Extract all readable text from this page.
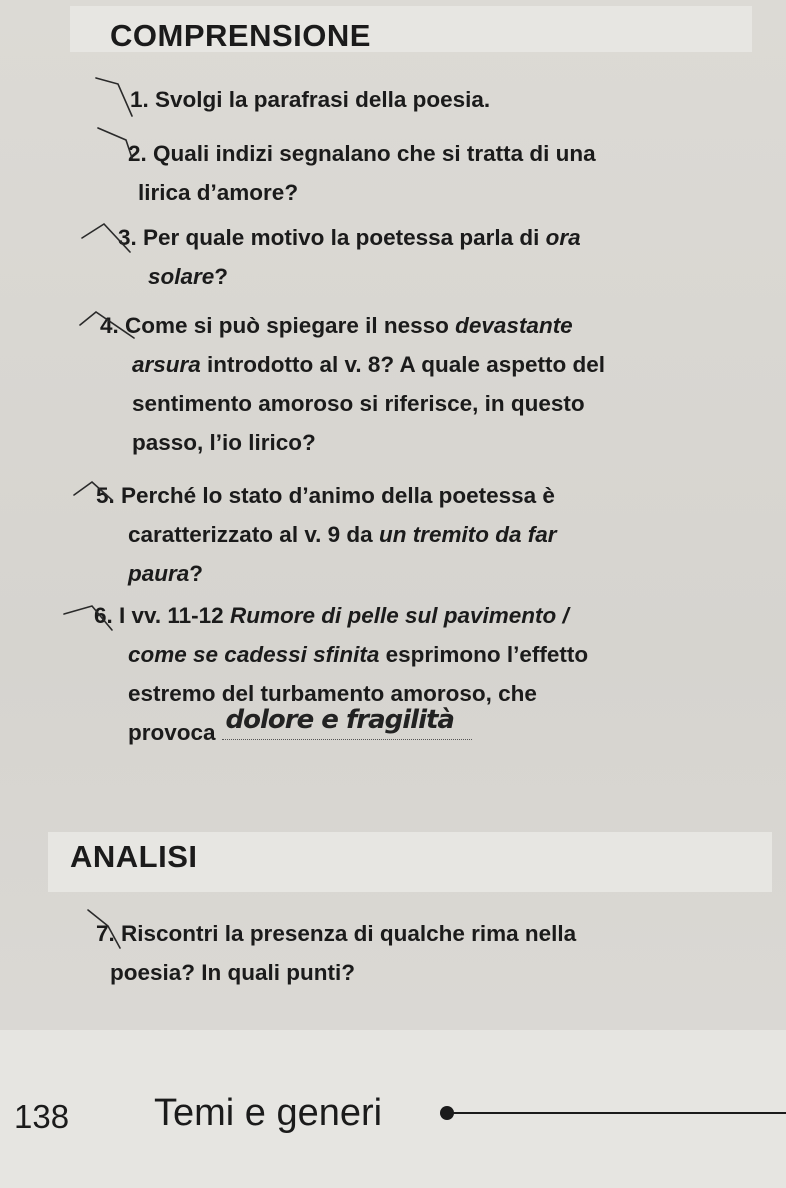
COMPRENSIONE
1. Svolgi la parafrasi della poesia.
2. Quali indizi segnalano che si tratta di una
lirica d’amore?
3. Per quale motivo la poetessa parla di ora
solare?
4. Come si può spiegare il nesso devastante
arsura introdotto al v. 8? A quale aspetto del
sentimento amoroso si riferisce, in questo
passo, l’io lirico?
5. Perché lo stato d’animo della poetessa è
caratterizzato al v. 9 da un tremito da far
paura?
6. I vv. 11-12 Rumore di pelle sul pavimento /
come se cadessi sfinita esprimono l’effetto
estremo del turbamento amoroso, che
provoca dolore e fragilità
ANALISI
7. Riscontri la presenza di qualche rima nella
poesia? In quali punti?
138 Temi e generi
